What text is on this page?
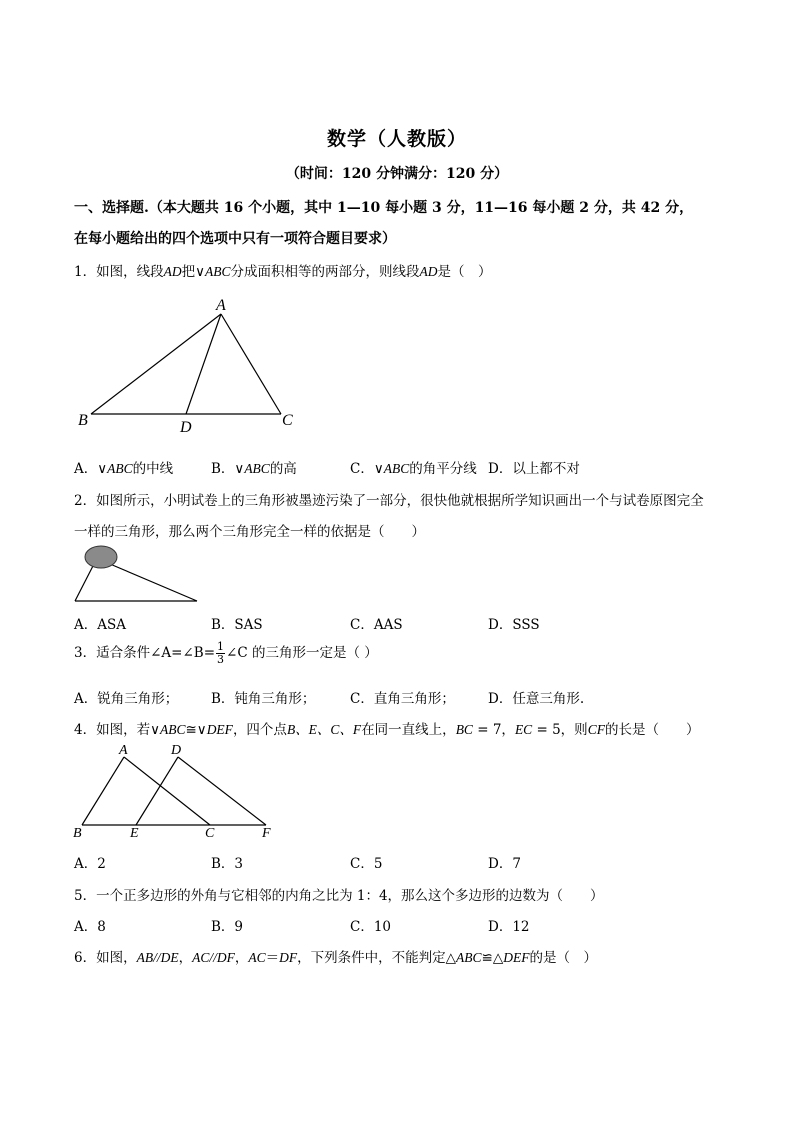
数学（人教版）
（时间：120 分钟满分：120 分）
一、选择题.（本大题共 16 个小题，其中 1—10 每小题 3 分，11—16 每小题 2 分，共 42 分，
在每小题给出的四个选项中只有一项符合题目要求）
1．如图，线段AD把∨ABC分成面积相等的两部分，则线段AD是（　）
A
B	C
D
A．∨ABC的中线	B．∨ABC的高	C．∨ABC的角平分线 D．以上都不对
2．如图所示，小明试卷上的三角形被墨迹污染了一部分，很快他就根据所学知识画出一个与试卷原图完全
一样的三角形，那么两个三角形完全一样的依据是（　　）
A．ASA	B．SAS	C．AAS	D．SSS
3．适合条件∠A=∠B= $\frac{1}{3}$ ∠C 的三角形一定是（ ）
A．锐角三角形； B．钝角三角形；	C．直角三角形； D．任意三角形.
4．如图，若∨ABC≅∨DEF，四个点B、E、C、F在同一直线上，BC = 7，EC = 5，则CF的长是（　　）
A	D
B	E	C	F
A．2	B．3	C．5	D．7
5．一个正多边形的外角与它相邻的内角之比为 1：4，那么这个多边形的边数为（　　）
A．8	B．9	C．10	D．12
6．如图，AB//DE，AC//DF，AC＝DF，下列条件中，不能判定△ABC≌△DEF的是（　）
